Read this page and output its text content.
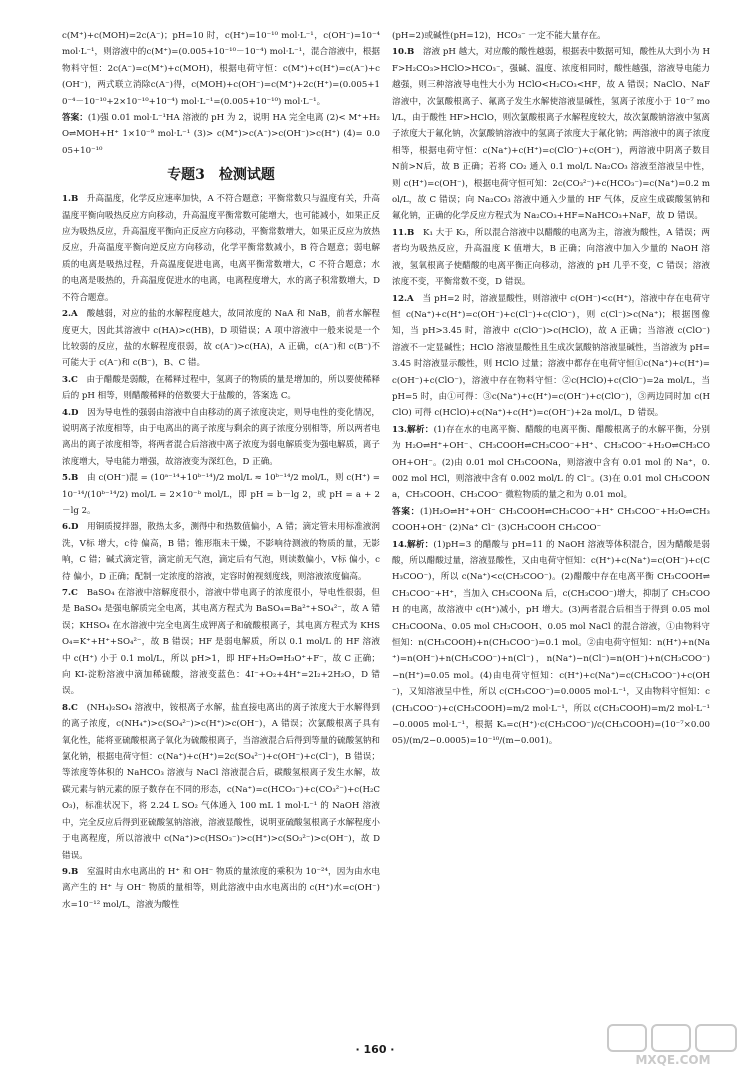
c(M⁺)+c(MOH)=2c(A⁻)；pH=10 时，c(H⁺)=10⁻¹⁰ mol·L⁻¹，c(OH⁻)=10⁻⁴ mol·L⁻¹，则溶液中的c(M⁺)=(0.005+10⁻¹⁰－10⁻⁴) mol·L⁻¹，混合溶液中，根据物料守恒：2c(A⁻)=c(M⁺)+c(MOH)，根据电荷守恒：c(M⁺)+c(H⁺)=c(A⁻)+c(OH⁻)，两式联立消除c(A⁻)得，c(MOH)+c(OH⁻)=c(M⁺)+2c(H⁺)=(0.005+10⁻⁴－10⁻¹⁰+2×10⁻¹⁰+10⁻⁴) mol·L⁻¹=(0.005+10⁻¹⁰) mol·L⁻¹。

答案：(1)强 0.01 mol·L⁻¹HA 溶液的 pH 为 2，说明 HA 完全电离 (2)< M⁺+H₂O⇌MOH+H⁺ 1×10⁻⁹ mol·L⁻¹ (3)> c(M⁺)>c(A⁻)>c(OH⁻)>c(H⁺) (4)= 0.005+10⁻¹⁰

专题3　检测试题

1.B　 升高温度，化学反应速率加快，A 不符合题意；平衡常数只与温度有关，升高温度平衡向吸热反应方向移动，升高温度平衡常数可能增大，也可能减小，如果正反应为吸热反应，升高温度平衡向正反应方向移动，平衡常数增大，如果正反应为放热反应，升高温度平衡向逆反应方向移动，化学平衡常数减小，B 符合题意；弱电解质的电离是吸热过程，升高温度促进电离，电离平衡常数增大，C 不符合题意；水的电离是吸热的，升高温度促进水的电离，电离程度增大，水的离子积常数增大，D 不符合题意。

2.A　 酸越弱，对应的盐的水解程度越大，故同浓度的 NaA 和 NaB，前者水解程度更大，因此其溶液中 c(HA)>c(HB)，D 项错误；A 项中溶液中一般来说是一个比较弱的反应，盐的水解程度很弱，故 c(A⁻)>c(HA)，A 正确，c(A⁻)和 c(B⁻)不可能大于 c(A⁻)和 c(B⁻)，B、C 错。

3.C　 由于醋酸是弱酸，在稀释过程中，氢离子的物质的量是增加的，所以要使稀释后的 pH 相等，则醋酸稀释的倍数要大于盐酸的，答案选 C。

4.D　 因为导电性的强弱由溶液中自由移动的离子浓度决定，则导电性的变化情况，说明离子浓度相等，由于电离出的离子浓度与剩余的离子浓度分别相等，所以两者电离出的离子浓度相等，将两者混合后溶液中离子浓度为弱电解质变为强电解质，离子浓度增大，导电能力增强，故溶液变为深红色，D 正确。

5.B　 由 c(OH⁻)混 = (10ᵃ⁻¹⁴+10ᵇ⁻¹⁴)/2 mol/L ≈ 10ᵇ⁻¹⁴/2 mol/L，则 c(H⁺) = 10⁻¹⁴/(10ᵇ⁻¹⁴/2) mol/L = 2×10⁻ᵇ mol/L，即 pH = b－lg 2，或 pH = a + 2－lg 2。

6.D　 用铜质搅拌器，散热太多，测得中和热数值偏小，A 错；滴定管未用标准液润洗，V标 增大，c待 偏高，B 错；锥形瓶未干燥，不影响待测液的物质的量，无影响，C 错；碱式滴定管，滴定前无气泡，滴定后有气泡，则读数偏小，V标 偏小，c待 偏小，D 正确；配制一定浓度的溶液，定容时俯视刻度线，则溶液浓度偏高。

7.C　 BaSO₄ 在溶液中溶解度很小，溶液中带电离子的浓度很小，导电性很弱，但是 BaSO₄ 是强电解质完全电离，其电离方程式为 BaSO₄=Ba²⁺+SO₄²⁻，故 A 错误；KHSO₄ 在水溶液中完全电离生成钾离子和硫酸根离子，其电离方程式为 KHSO₄=K⁺+H⁺+SO₄²⁻，故 B 错误；HF 是弱电解质，所以 0.1 mol/L 的 HF 溶液中 c(H⁺) 小于 0.1 mol/L，所以 pH>1，即 HF+H₂O⇌H₃O⁺+F⁻，故 C 正确；向 KI-淀粉溶液中滴加稀硫酸，溶液变蓝色：4I⁻+O₂+4H⁺=2I₂+2H₂O，D 错误。

8.C　 (NH₄)₂SO₄ 溶液中，铵根离子水解，盐直接电离出的离子浓度大于水解得到的离子浓度，c(NH₄⁺)>c(SO₄²⁻)>c(H⁺)>c(OH⁻)，A 错误；次氯酸根离子具有氧化性，能将亚硫酸根离子氧化为硫酸根离子，当溶液混合后得到等量的硫酸氢钠和氯化钠，根据电荷守恒：c(Na⁺)+c(H⁺)=2c(SO₄²⁻)+c(OH⁻)+c(Cl⁻)，B 错误；等浓度等体积的 NaHCO₃ 溶液与 NaCl 溶液混合后，碳酸氢根离子发生水解，故碳元素与钠元素的原子数存在不同的形态，c(Na⁺)=c(HCO₃⁻)+c(CO₃²⁻)+c(H₂CO₃)，标准状况下，将 2.24 L SO₂ 气体通入 100 mL 1 mol·L⁻¹ 的 NaOH 溶液中，完全反应后得到亚硫酸氢钠溶液，溶液显酸性，说明亚硫酸氢根离子水解程度小于电离程度，所以溶液中 c(Na⁺)>c(HSO₃⁻)>c(H⁺)>c(SO₃²⁻)>c(OH⁻)，故 D 错误。

9.B　 室温时由水电离出的 H⁺ 和 OH⁻ 物质的量浓度的乘积为 10⁻²⁴，因为由水电离产生的 H⁺ 与 OH⁻ 物质的量相等，则此溶液中由水电离出的 c(H⁺)水=c(OH⁻)水=10⁻¹² mol/L，溶液为酸性

(pH=2)或碱性(pH=12)，HCO₃⁻ 一定不能大量存在。

10.B　 溶液 pH 越大，对应酸的酸性越弱，根据表中数据可知，酸性从大到小为 HF>H₂CO₃>HClO>HCO₃⁻，强碱、温度、浓度相同时，酸性越强，溶液导电能力越强，则三种溶液导电性大小为 HClO<H₂CO₃<HF，故 A 错误；NaClO、NaF 溶液中，次氯酸根离子、氟离子发生水解使溶液显碱性，氢离子浓度小于 10⁻⁷ mol/L，由于酸性 HF>HClO，则次氯酸根离子水解程度较大，故次氯酸钠溶液中氢离子浓度大于氟化钠，次氯酸钠溶液中的氢离子浓度大于氟化钠；两溶液中的离子浓度相等，根据电荷守恒：c(Na⁺)+c(H⁺)=c(ClO⁻)+c(OH⁻)，两溶液中阴离子数目 N前>N后，故 B 正确；若将 CO₂ 通入 0.1 mol/L Na₂CO₃ 溶液至溶液呈中性，则 c(H⁺)=c(OH⁻)，根据电荷守恒可知：2c(CO₃²⁻)+c(HCO₃⁻)=c(Na⁺)=0.2 mol/L，故 C 错误；向 Na₂CO₃ 溶液中通入少量的 HF 气体，反应生成碳酸氢钠和氟化钠，正确的化学反应方程式为 Na₂CO₃+HF=NaHCO₃+NaF，故 D 错误。

11.B　 K₁ 大于 K₂，所以混合溶液中以醋酸的电离为主，溶液为酸性，A 错误；两者均为吸热反应，升高温度 K 值增大，B 正确；向溶液中加入少量的 NaOH 溶液，氢氧根离子使醋酸的电离平衡正向移动，溶液的 pH 几乎不变，C 错误；溶液浓度不变，平衡常数不变，D 错误。

12.A　 当 pH=2 时，溶液显酸性，则溶液中 c(OH⁻)<c(H⁺)，溶液中存在电荷守恒 c(Na⁺)+c(H⁺)=c(OH⁻)+c(Cl⁻)+c(ClO⁻)，则 c(Cl⁻)>c(Na⁺)；根据图像知，当 pH>3.45 时，溶液中 c(ClO⁻)>c(HClO)，故 A 正确；当溶液 c(ClO⁻) 溶液不一定显碱性；HClO 溶液显酸性且生成次氯酸钠溶液显碱性，当溶液为 pH=3.45 时溶液显示酸性，则 HClO 过量；溶液中都存在电荷守恒①c(Na⁺)+c(H⁺)=c(OH⁻)+c(ClO⁻)，溶液中存在物料守恒：②c(HClO)+c(ClO⁻)=2a mol/L，当 pH=5 时，由①可得：③c(Na⁺)+c(H⁺)=c(OH⁻)+c(ClO⁻)，③两边同时加 c(HClO) 可得 c(HClO)+c(Na⁺)+c(H⁺)=c(OH⁻)+2a mol/L，D 错误。

13.解析：(1)存在水的电离平衡、醋酸的电离平衡、醋酸根离子的水解平衡，分别为 H₂O⇌H⁺+OH⁻、CH₃COOH⇌CH₃COO⁻+H⁺、CH₃COO⁻+H₂O⇌CH₃COOH+OH⁻。(2)由 0.01 mol CH₃COONa，则溶液中含有 0.01 mol 的 Na⁺，0.002 mol HCl，则溶液中含有 0.002 mol/L 的 Cl⁻。(3)在 0.01 mol CH₃COONa，CH₃COOH、CH₃COO⁻ 微粒物质的量之和为 0.01 mol。

答案：(1)H₂O⇌H⁺+OH⁻ CH₃COOH⇌CH₃COO⁻+H⁺ CH₃COO⁻+H₂O⇌CH₃COOH+OH⁻ (2)Na⁺ Cl⁻ (3)CH₃COOH CH₃COO⁻

14.解析：(1)pH=3 的醋酸与 pH=11 的 NaOH 溶液等体积混合，因为醋酸是弱酸，所以醋酸过量，溶液显酸性，又由电荷守恒知：c(H⁺)+c(Na⁺)=c(OH⁻)+c(CH₃COO⁻)，所以 c(Na⁺)<c(CH₃COO⁻)。(2)醋酸中存在电离平衡 CH₃COOH⇌CH₃COO⁻+H⁺，当加入 CH₃COONa 后，c(CH₃COO⁻)增大，抑制了 CH₃COOH 的电离，故溶液中 c(H⁺)减小，pH 增大。(3)两者混合后相当于得到 0.05 mol CH₃COONa、0.05 mol CH₃COOH、0.05 mol NaCl 的混合溶液，①由物料守恒知：n(CH₃COOH)+n(CH₃COO⁻)=0.1 mol。②由电荷守恒知：n(H⁺)+n(Na⁺)=n(OH⁻)+n(CH₃COO⁻)+n(Cl⁻)，n(Na⁺)−n(Cl⁻)=n(OH⁻)+n(CH₃COO⁻)−n(H⁺)=0.05 mol。(4)由电荷守恒知：c(H⁺)+c(Na⁺)=c(CH₃COO⁻)+c(OH⁻)，又知溶液呈中性，所以 c(CH₃COO⁻)=0.0005 mol·L⁻¹，又由物料守恒知：c(CH₃COO⁻)+c(CH₃COOH)=m/2 mol·L⁻¹，所以 c(CH₃COOH)=m/2 mol·L⁻¹−0.0005 mol·L⁻¹，根据 Kₐ=c(H⁺)·c(CH₃COO⁻)/c(CH₃COOH)=(10⁻⁷×0.0005)/(m/2−0.0005)=10⁻¹⁰/(m−0.001)。

· 160 ·
MXQE.COM
